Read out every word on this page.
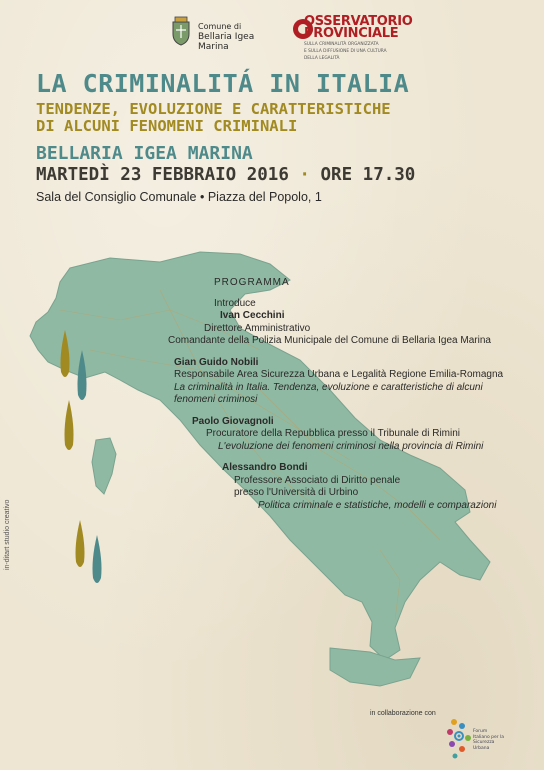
Comune di
Bellaria Igea Marina
OSSERVATORIO
PROVINCIALE
SULLA CRIMINALITÀ ORGANIZZATA
E SULLA DIFFUSIONE DI UNA CULTURA
DELLA LEGALITÀ
LA CRIMINALITÁ IN ITALIA
TENDENZE, EVOLUZIONE E CARATTERISTICHE
DI ALCUNI FENOMENI CRIMINALI
BELLARIA IGEA MARINA
MARTEDÌ 23 FEBBRAIO 2016 · ORE 17.30
Sala del Consiglio Comunale • Piazza del Popolo, 1
PROGRAMMA
Introduce
Ivan Cecchini
Direttore Amministrativo
Comandante della Polizia Municipale del Comune di Bellaria Igea Marina
Gian Guido Nobili
Responsabile Area Sicurezza Urbana e Legalità Regione Emilia-Romagna
La criminalità in Italia. Tendenza, evoluzione e caratteristiche di alcuni
fenomeni criminosi
Paolo Giovagnoli
Procuratore della Repubblica presso il Tribunale di Rimini
L'evoluzione dei fenomeni criminosi nella provincia di Rimini
Alessandro Bondi
Professore Associato di Diritto penale
presso l'Università di Urbino
Politica criminale e statistiche, modelli e comparazioni
in-ditart studio creativo
in collaborazione con
Forum
Italiano per la
Sicurezza
Urbana
